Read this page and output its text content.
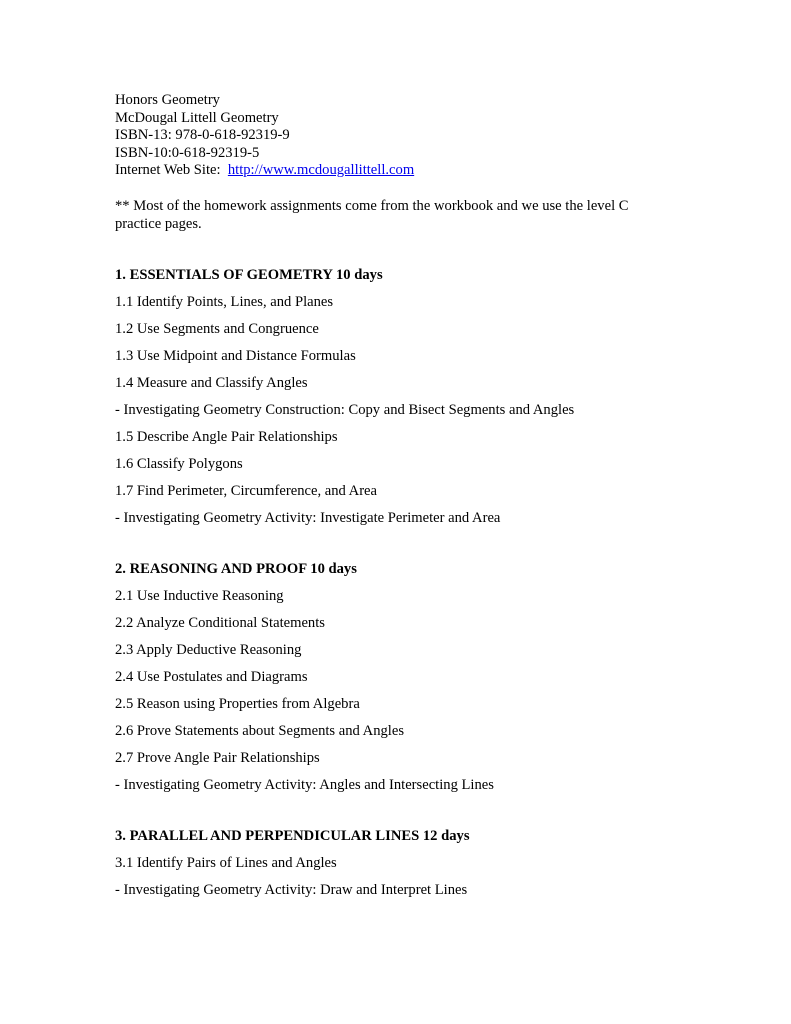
Honors Geometry

McDougal Littell Geometry

ISBN-13: 978-0-618-92319-9

ISBN-10:0-618-92319-5

Internet Web Site: http://www.mcdougallittell.com

** Most of the homework assignments come from the workbook and we use the level C practice pages.

1. ESSENTIALS OF GEOMETRY 10 days

1.1 Identify Points, Lines, and Planes

1.2 Use Segments and Congruence

1.3 Use Midpoint and Distance Formulas

1.4 Measure and Classify Angles

- Investigating Geometry Construction: Copy and Bisect Segments and Angles

1.5 Describe Angle Pair Relationships

1.6 Classify Polygons

1.7 Find Perimeter, Circumference, and Area

- Investigating Geometry Activity: Investigate Perimeter and Area

2. REASONING AND PROOF 10 days

2.1 Use Inductive Reasoning

2.2 Analyze Conditional Statements

2.3 Apply Deductive Reasoning

2.4 Use Postulates and Diagrams

2.5 Reason using Properties from Algebra

2.6 Prove Statements about Segments and Angles

2.7 Prove Angle Pair Relationships

- Investigating Geometry Activity: Angles and Intersecting Lines

3. PARALLEL AND PERPENDICULAR LINES 12 days

3.1 Identify Pairs of Lines and Angles

- Investigating Geometry Activity: Draw and Interpret Lines
